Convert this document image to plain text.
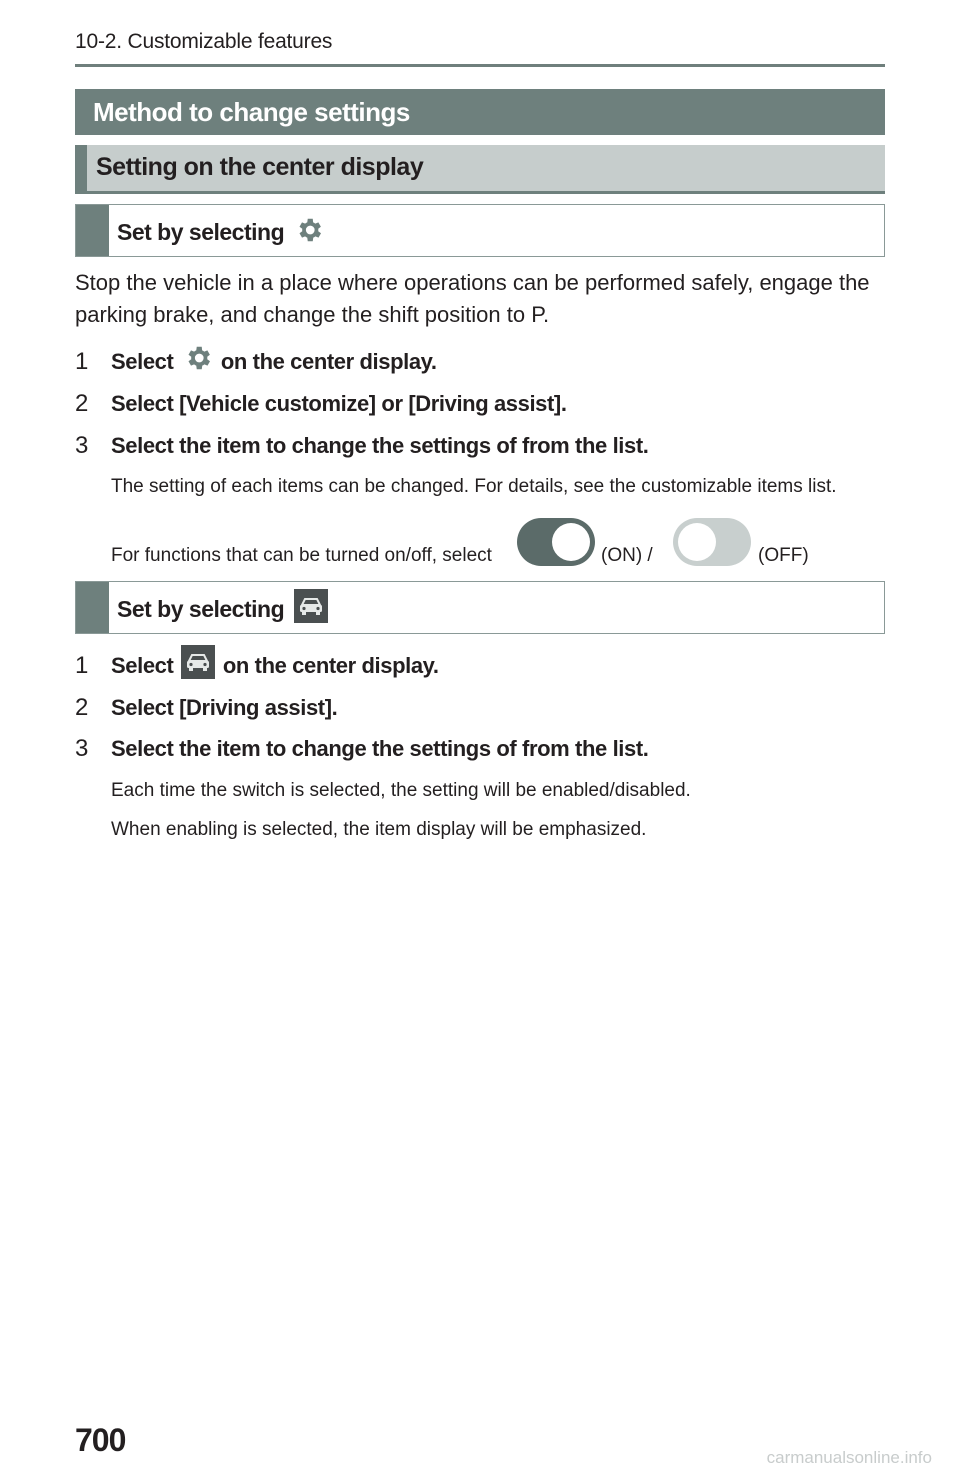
10-2. Customizable features
Method to change settings
Setting on the center display
Set by selecting
Stop the vehicle in a place where operations can be performed safely, engage the parking brake, and change the shift position to P.
1 Select on the center display.
2 Select [Vehicle customize] or [Driving assist].
3 Select the item to change the settings of from the list.
The setting of each items can be changed. For details, see the customizable items list.
For functions that can be turned on/off, select	(ON) /	(OFF)
Set by selecting
1 Select on the center display.
2 Select [Driving assist].
3 Select the item to change the settings of from the list.
Each time the switch is selected, the setting will be enabled/disabled.
When enabling is selected, the item display will be emphasized.
700	carmanualsonline.info
